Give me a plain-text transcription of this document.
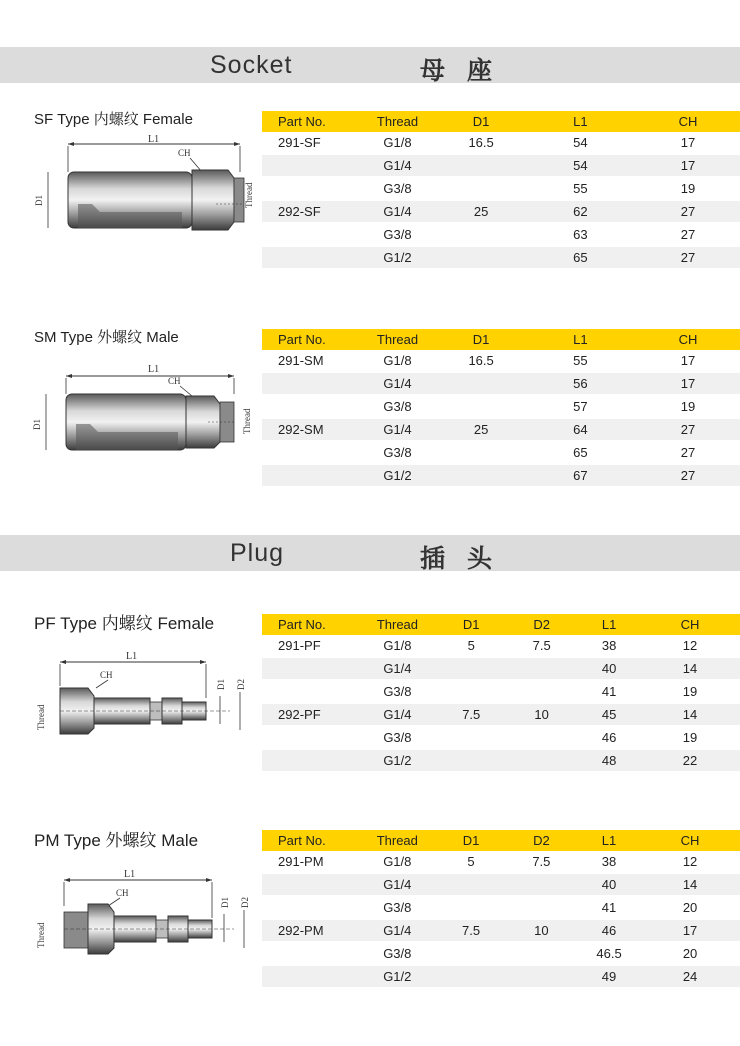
Socket	母座
SF Type 内螺纹 Female
L1
CH
D1	Thread
Part No.	Thread	D1	L1	CH
291-SF	G1/8	16.5	54	17
	G1/4		54	17
	G3/8		55	19
292-SF	G1/4	25	62	27
	G3/8		63	27
	G1/2		65	27
SM Type 外螺纹 Male
L1
CH
D1	Thread
Part No.	Thread	D1	L1	CH
291-SM	G1/8	16.5	55	17
	G1/4		56	17
	G3/8		57	19
292-SM	G1/4	25	64	27
	G3/8		65	27
	G1/2		67	27
Plug	插头
PF Type 内螺纹 Female
L1
CH
Thread
D1 D2
Part No.	Thread	D1	D2	L1	CH
291-PF	G1/8	5	7.5	38	12
	G1/4			40	14
	G3/8			41	19
292-PF	G1/4	7.5	10	45	14
	G3/8			46	19
	G1/2			48	22
PM Type 外螺纹 Male
L1
CH
Thread
D1 D2
Part No.	Thread	D1	D2	L1	CH
291-PM	G1/8	5	7.5	38	12
	G1/4			40	14
	G3/8			41	20
292-PM	G1/4	7.5	10	46	17
	G3/8			46.5	20
	G1/2			49	24
